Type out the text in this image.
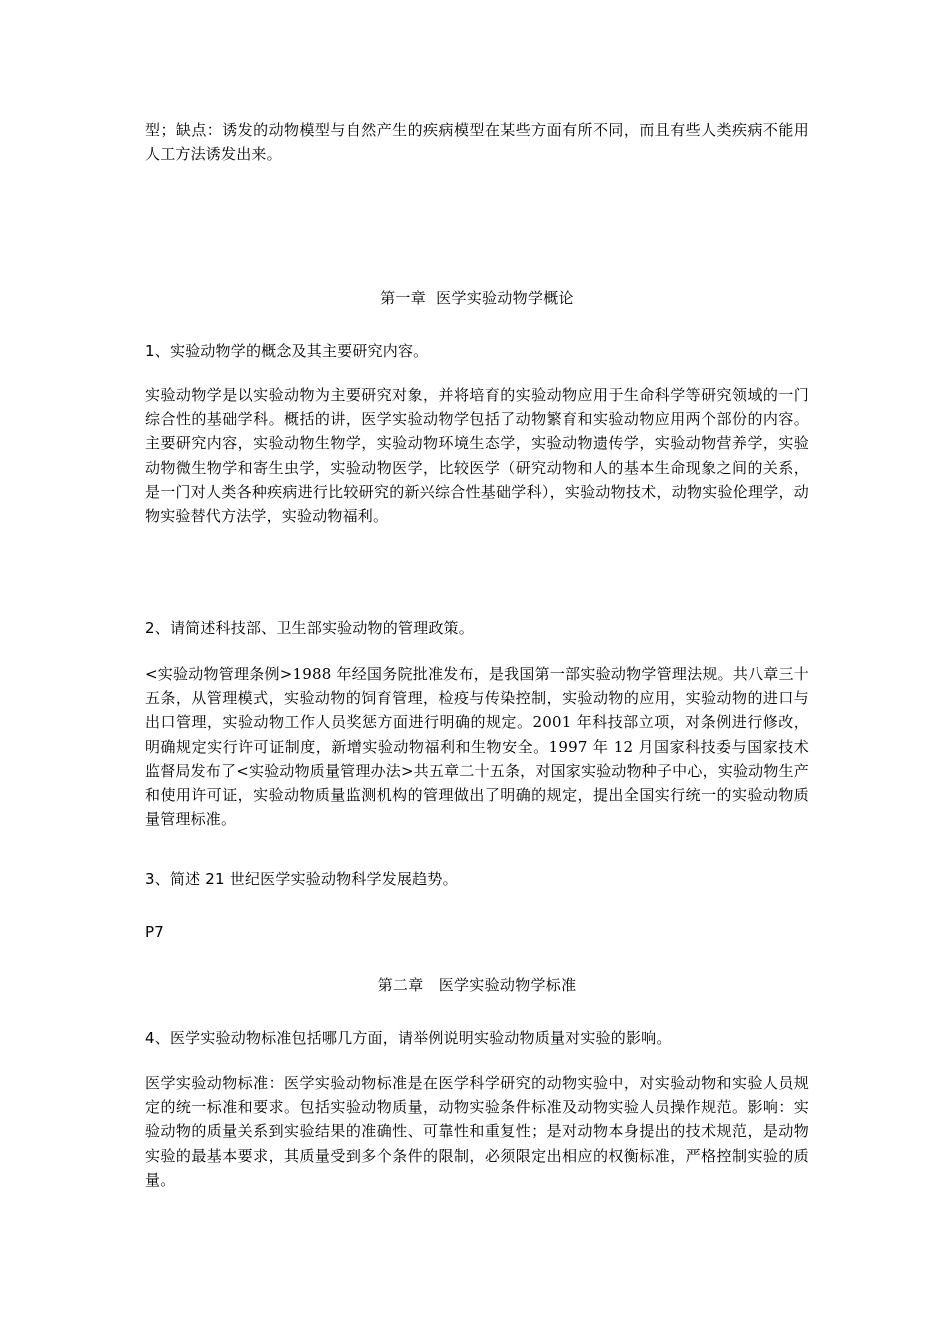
型；缺点：诱发的动物模型与自然产生的疾病模型在某些方面有所不同，而且有些人类疾病不能用人工方法诱发出来。

第一章  医学实验动物学概论

1、实验动物学的概念及其主要研究内容。

实验动物学是以实验动物为主要研究对象，并将培育的实验动物应用于生命科学等研究领域的一门综合性的基础学科。概括的讲，医学实验动物学包括了动物繁育和实验动物应用两个部份的内容。主要研究内容，实验动物生物学，实验动物环境生态学，实验动物遗传学，实验动物营养学，实验动物微生物学和寄生虫学，实验动物医学，比较医学（研究动物和人的基本生命现象之间的关系，是一门对人类各种疾病进行比较研究的新兴综合性基础学科），实验动物技术，动物实验伦理学，动物实验替代方法学，实验动物福利。

2、请简述科技部、卫生部实验动物的管理政策。

<实验动物管理条例>1988 年经国务院批准发布，是我国第一部实验动物学管理法规。共八章三十五条，从管理模式，实验动物的饲育管理，检疫与传染控制，实验动物的应用，实验动物的进口与出口管理，实验动物工作人员奖惩方面进行明确的规定。2001 年科技部立项，对条例进行修改，明确规定实行许可证制度，新增实验动物福利和生物安全。1997 年 12 月国家科技委与国家技术监督局发布了<实验动物质量管理办法>共五章二十五条，对国家实验动物种子中心，实验动物生产和使用许可证，实验动物质量监测机构的管理做出了明确的规定，提出全国实行统一的实验动物质量管理标准。

3、简述 21 世纪医学实验动物科学发展趋势。

P7

第二章   医学实验动物学标准

4、医学实验动物标准包括哪几方面，请举例说明实验动物质量对实验的影响。

医学实验动物标准：医学实验动物标准是在医学科学研究的动物实验中，对实验动物和实验人员规定的统一标准和要求。包括实验动物质量，动物实验条件标准及动物实验人员操作规范。影响：实验动物的质量关系到实验结果的准确性、可靠性和重复性；是对动物本身提出的技术规范，是动物实验的最基本要求，其质量受到多个条件的限制，必须限定出相应的权衡标准，严格控制实验的质量。
